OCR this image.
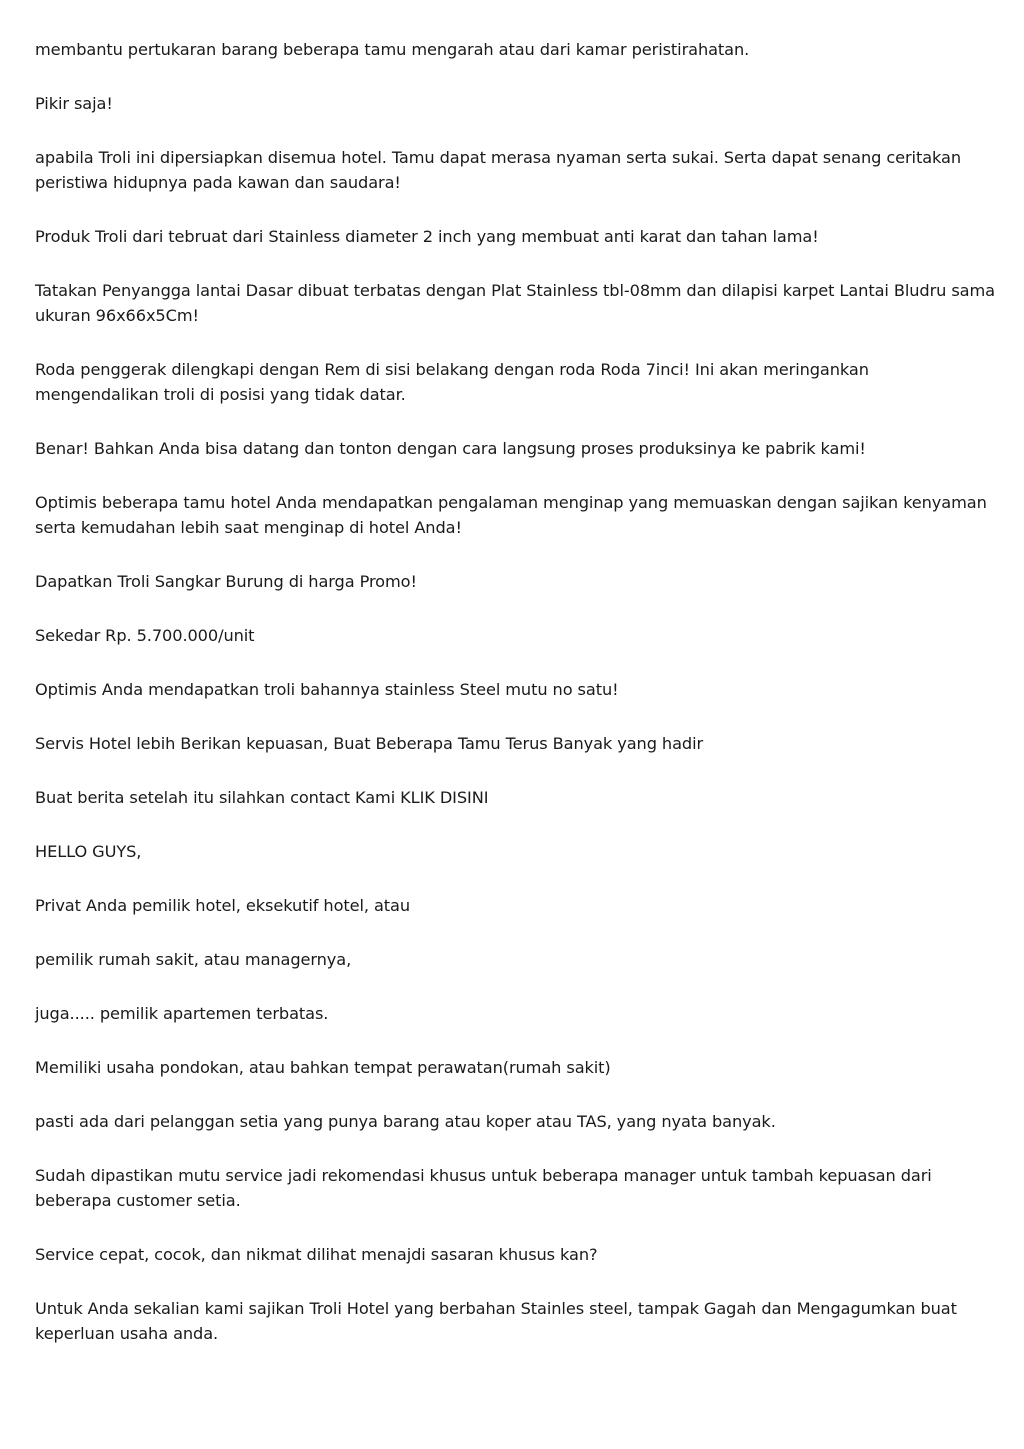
membantu pertukaran barang beberapa tamu mengarah atau dari kamar peristirahatan.

Pikir saja!

apabila Troli ini dipersiapkan disemua hotel. Tamu dapat merasa nyaman serta sukai. Serta dapat senang ceritakan peristiwa hidupnya pada kawan dan saudara!

Produk Troli dari tebruat dari Stainless diameter 2 inch yang membuat anti karat dan tahan lama!

Tatakan Penyangga lantai Dasar dibuat terbatas dengan Plat Stainless tbl-08mm dan dilapisi karpet Lantai Bludru sama ukuran 96x66x5Cm!

Roda penggerak dilengkapi dengan Rem di sisi belakang dengan roda Roda 7inci! Ini akan meringankan mengendalikan troli di posisi yang tidak datar.

Benar! Bahkan Anda bisa datang dan tonton dengan cara langsung proses produksinya ke pabrik kami!

Optimis beberapa tamu hotel Anda mendapatkan pengalaman menginap yang memuaskan dengan sajikan kenyaman serta kemudahan lebih saat menginap di hotel Anda!

Dapatkan Troli Sangkar Burung di harga Promo!

Sekedar Rp. 5.700.000/unit

Optimis Anda mendapatkan troli bahannya stainless Steel mutu no satu!

Servis Hotel lebih Berikan kepuasan, Buat Beberapa Tamu Terus Banyak yang hadir

Buat berita setelah itu silahkan contact Kami KLIK DISINI

HELLO GUYS,

Privat Anda pemilik hotel, eksekutif hotel, atau

pemilik rumah sakit, atau managernya,

juga..... pemilik apartemen terbatas.

Memiliki usaha pondokan, atau bahkan tempat perawatan(rumah sakit)

pasti ada dari pelanggan setia yang punya barang atau koper atau TAS, yang nyata banyak.

Sudah dipastikan mutu service jadi rekomendasi khusus untuk beberapa manager untuk tambah kepuasan dari beberapa customer setia.

Service cepat, cocok, dan nikmat dilihat menajdi sasaran khusus kan?

Untuk Anda sekalian kami sajikan Troli Hotel yang berbahan Stainles steel, tampak Gagah dan Mengagumkan buat keperluan usaha anda.
